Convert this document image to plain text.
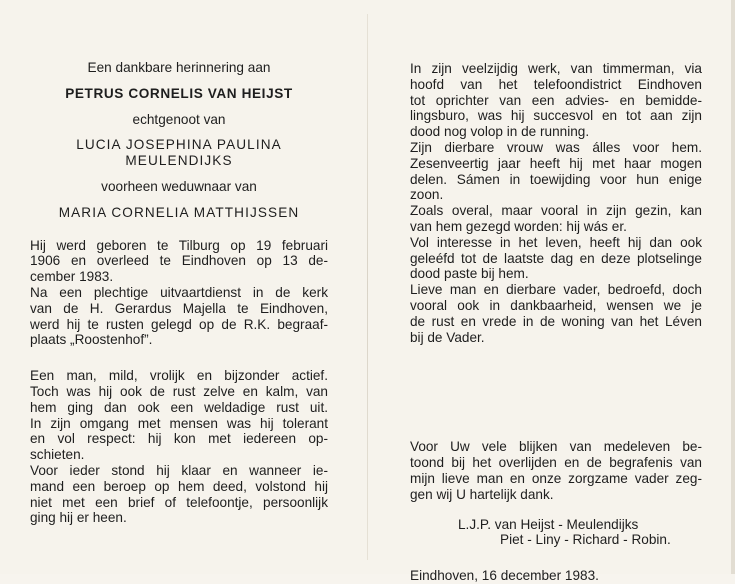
Een dankbare herinnering aan
PETRUS CORNELIS VAN HEIJST
echtgenoot van
LUCIA JOSEPHINA PAULINA
MEULENDIJKS
voorheen weduwnaar van
MARIA CORNELIA MATTHIJSSEN
Hij werd geboren te Tilburg op 19 februari
1906 en overleed te Eindhoven op 13 de-
cember 1983.
Na een plechtige uitvaartdienst in de kerk
van de H. Gerardus Majella te Eindhoven,
werd hij te rusten gelegd op de R.K. begraaf-
plaats „Roostenhof”.
Een man, mild, vrolijk en bijzonder actief.
Toch was hij ook de rust zelve en kalm, van
hem ging dan ook een weldadige rust uit.
In zijn omgang met mensen was hij tolerant
en vol respect: hij kon met iedereen op-
schieten.
Voor ieder stond hij klaar en wanneer ie-
mand een beroep op hem deed, volstond hij
niet met een brief of telefoontje, persoonlijk
ging hij er heen.
In zijn veelzijdig werk, van timmerman, via
hoofd van het telefoondistrict Eindhoven
tot oprichter van een advies- en bemidde-
lingsburo, was hij succesvol en tot aan zijn
dood nog volop in de running.
Zijn dierbare vrouw was álles voor hem.
Zesenveertig jaar heeft hij met haar mogen
delen. Sámen in toewijding voor hun enige
zoon.
Zoals overal, maar vooral in zijn gezin, kan
van hem gezegd worden: hij wás er.
Vol interesse in het leven, heeft hij dan ook
geleéfd tot de laatste dag en deze plotselinge
dood paste bij hem.
Lieve man en dierbare vader, bedroefd, doch
vooral ook in dankbaarheid, wensen we je
de rust en vrede in de woning van het Léven
bij de Vader.
Voor Uw vele blijken van medeleven be-
toond bij het overlijden en de begrafenis van
mijn lieve man en onze zorgzame vader zeg-
gen wij U hartelijk dank.
L.J.P. van Heijst - Meulendijks
Piet - Liny - Richard - Robin.
Eindhoven, 16 december 1983.
